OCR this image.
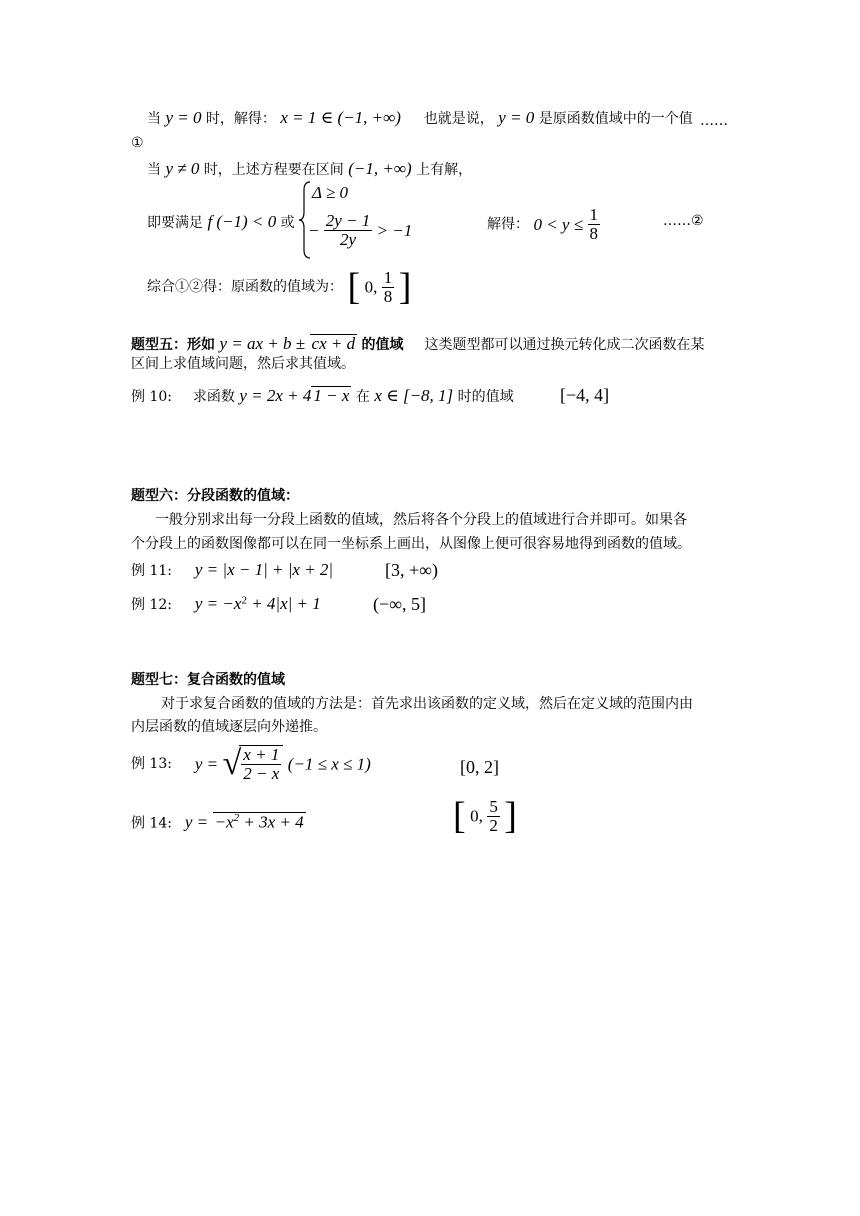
当 y = 0 时，解得： x = 1 ∈ (−1, +∞) 也就是说， y = 0 是原函数值域中的一个值 ……
①
当 y ≠ 0 时，上述方程要在区间 (−1, +∞) 上有解，
即要满足 f (−1) < 0 或
Δ ≥ 0
− $\frac{2y - 1}{2y} > -1$	解得： $0 < y \le \frac{1}{8}$	……②
综合①②得：原函数的值域为： [ 0, $\frac{1}{8}$ ]
题型五：形如 y = ax + b ± cx + d 的值域 这类题型都可以通过换元转化成二次函数在某
区间上求值域问题，然后求其值域。
例 10: 求函数 y = 2x + 4 1 − x 在 x ∈ [−8, 1] 时的值域	[−4, 4]
题型六：分段函数的值域：
一般分别求出每一分段上函数的值域，然后将各个分段上的值域进行合并即可。如果各
个分段上的函数图像都可以在同一坐标系上画出，从图像上便可很容易地得到函数的值域。
例 11: y = |x − 1| + |x + 2|	[3, +∞)
例 12: $y = -x^2 + 4|x| + 1$	(−∞, 5]
题型七：复合函数的值域
对于求复合函数的值域的方法是：首先求出该函数的定义域，然后在定义域的范围内由
内层函数的值域逐层向外递推。
例 13: y = √ $\frac{x + 1}{2 - x} (-1 \le x \le 1)$	[0, 2]
例 14: $y = -x^2 + 3x + 4$	[ 0, $\frac{5}{2}$ ]
